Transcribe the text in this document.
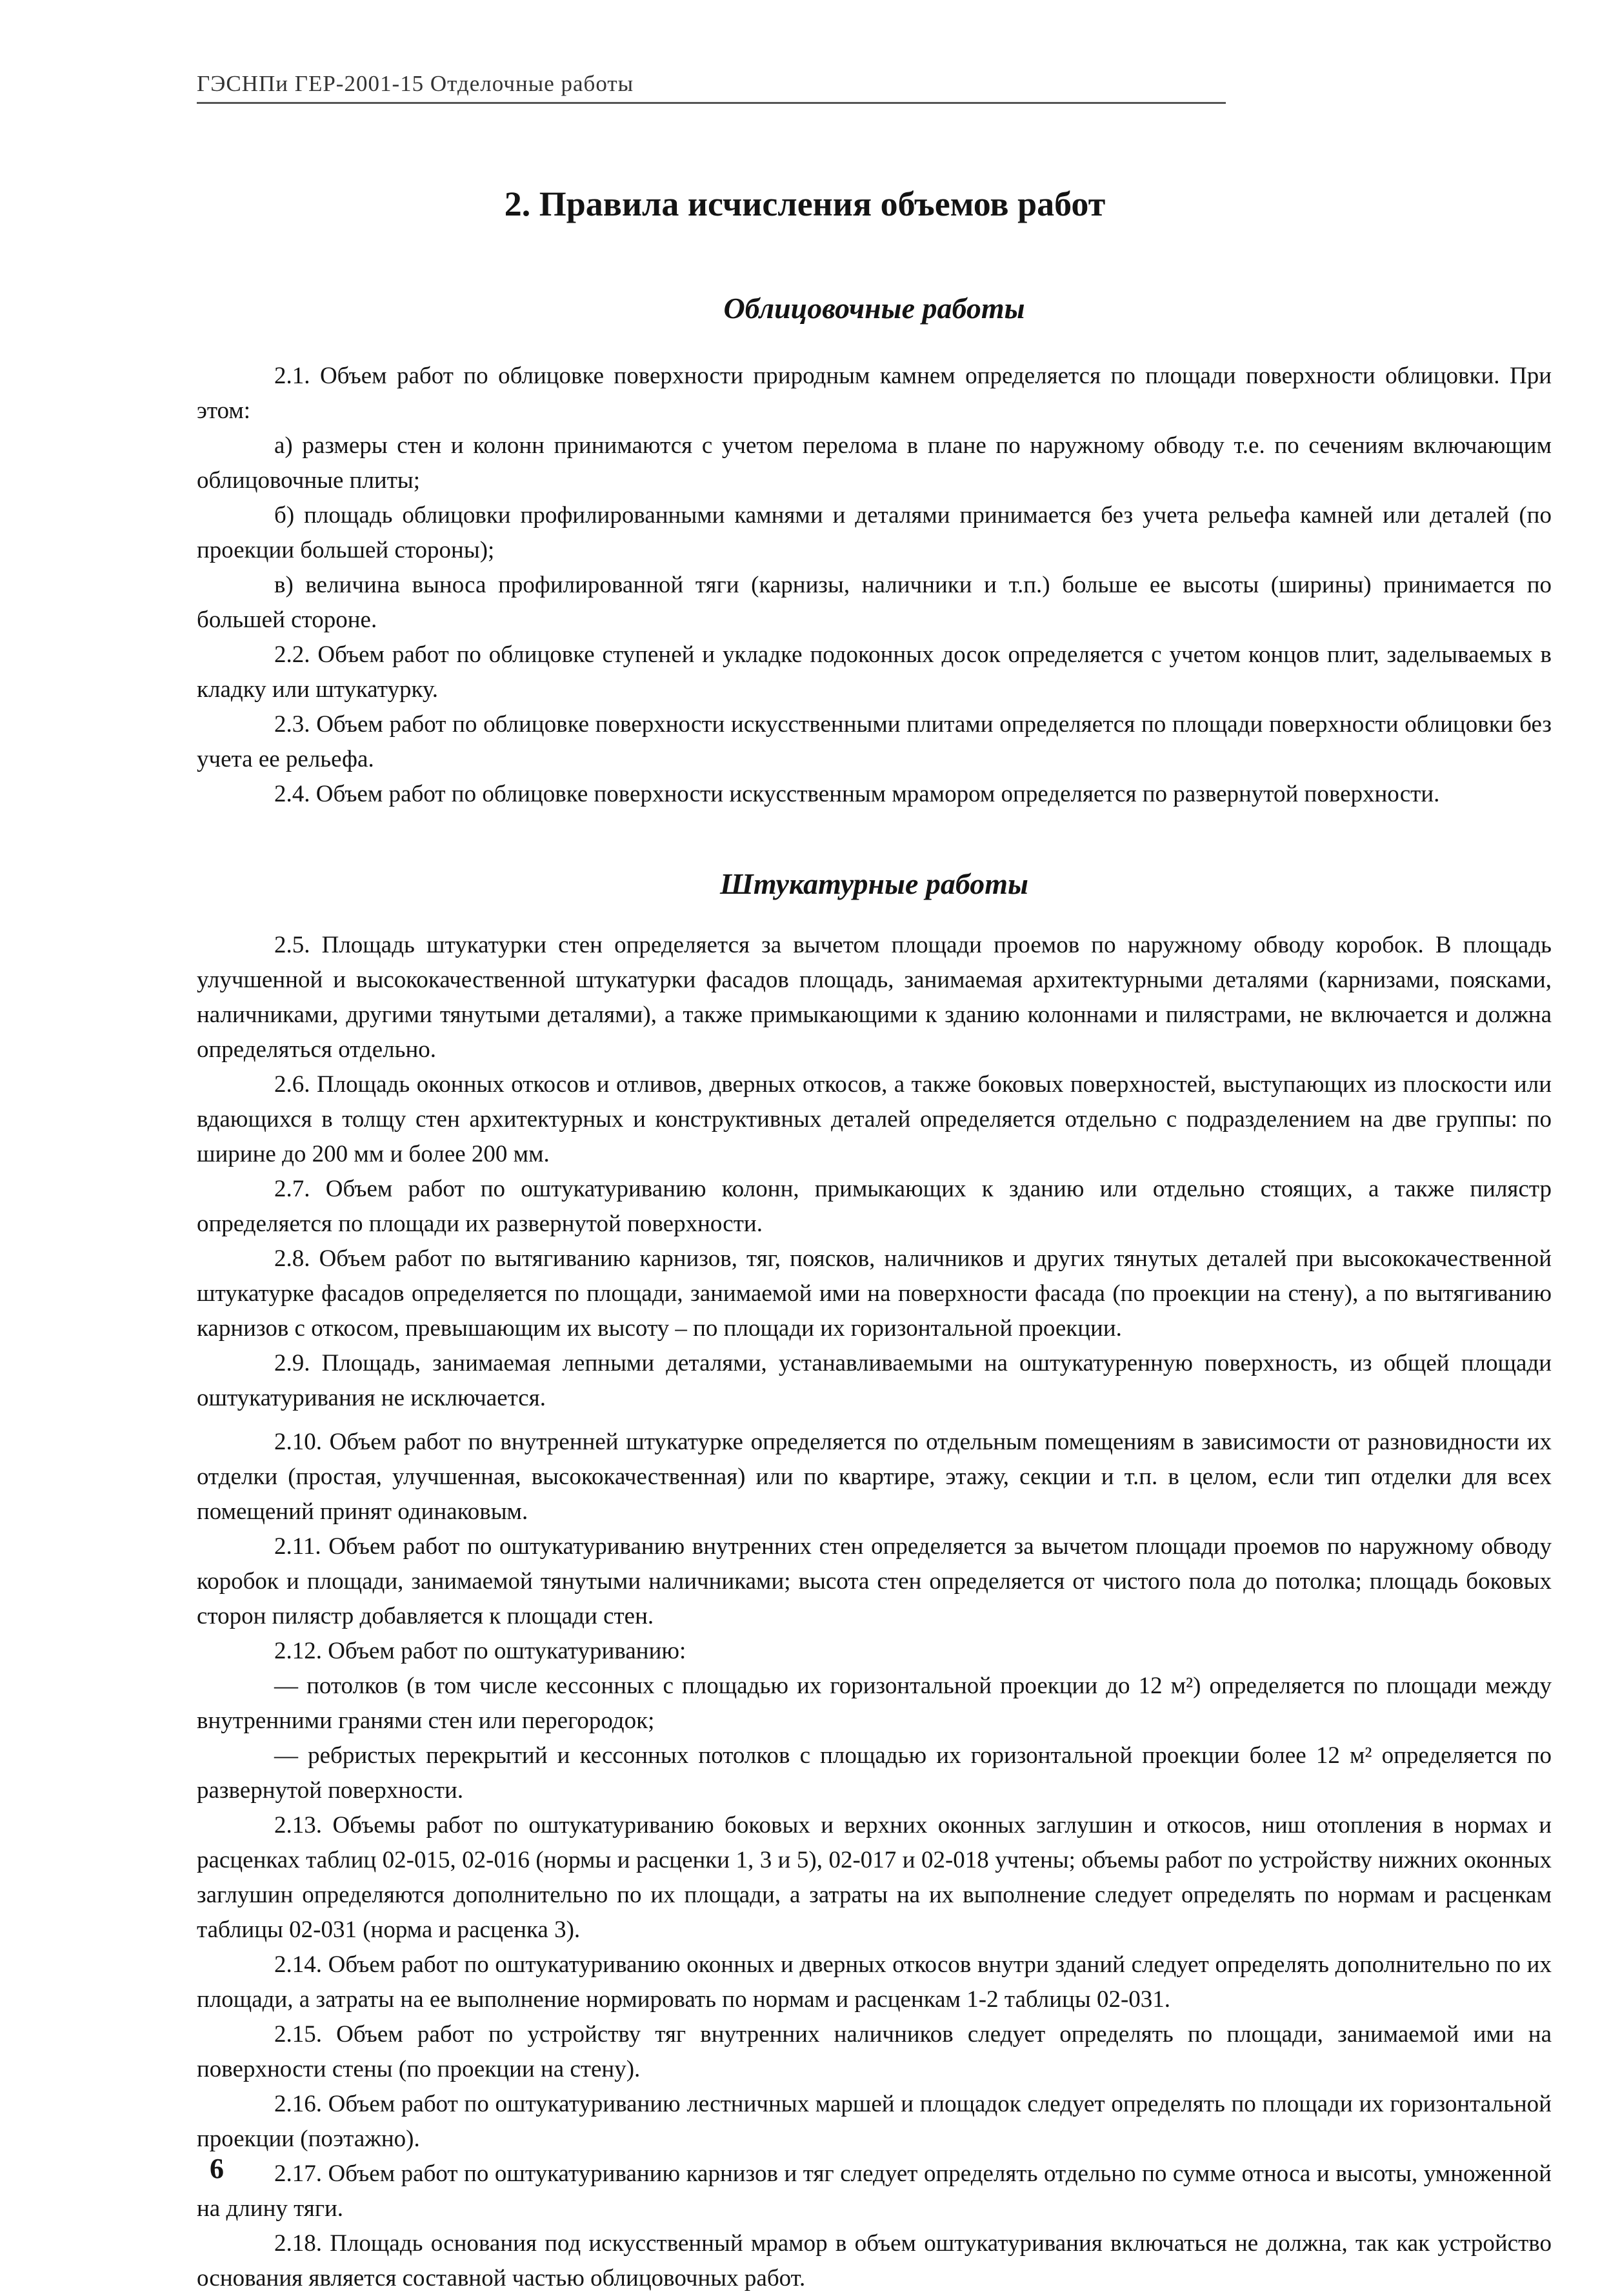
ГЭСНПи ГЕР-2001-15 Отделочные работы
2. Правила исчисления объемов работ
Облицовочные работы

2.1. Объем работ по облицовке поверхности природным камнем определяется по площади поверхности облицовки. При этом:

а) размеры стен и колонн принимаются с учетом перелома в плане по наружному обводу т.е. по сечениям включающим облицовочные плиты;

б) площадь облицовки профилированными камнями и деталями принимается без учета рельефа камней или деталей (по проекции большей стороны);

в) величина выноса профилированной тяги (карнизы, наличники и т.п.) больше ее высоты (ширины) принимается по большей стороне.

2.2. Объем работ по облицовке ступеней и укладке подоконных досок определяется с учетом концов плит, заделываемых в кладку или штукатурку.

2.3. Объем работ по облицовке поверхности искусственными плитами определяется по площади поверхности облицовки без учета ее рельефа.

2.4. Объем работ по облицовке поверхности искусственным мрамором определяется по развернутой поверхности.

Штукатурные работы

2.5. Площадь штукатурки стен определяется за вычетом площади проемов по наружному обводу коробок. В площадь улучшенной и высококачественной штукатурки фасадов площадь, занимаемая архитектурными деталями (карнизами, поясками, наличниками, другими тянутыми деталями), а также примыкающими к зданию колоннами и пилястрами, не включается и должна определяться отдельно.

2.6. Площадь оконных откосов и отливов, дверных откосов, а также боковых поверхностей, выступающих из плоскости или вдающихся в толщу стен архитектурных и конструктивных деталей определяется отдельно с подразделением на две группы: по ширине до 200 мм и более 200 мм.

2.7. Объем работ по оштукатуриванию колонн, примыкающих к зданию или отдельно стоящих, а также пилястр определяется по площади их развернутой поверхности.

2.8. Объем работ по вытягиванию карнизов, тяг, поясков, наличников и других тянутых деталей при высококачественной штукатурке фасадов определяется по площади, занимаемой ими на поверхности фасада (по проекции на стену), а по вытягиванию карнизов с откосом, превышающим их высоту – по площади их горизонтальной проекции.

2.9. Площадь, занимаемая лепными деталями, устанавливаемыми на оштукатуренную поверхность, из общей площади оштукатуривания не исключается.

2.10. Объем работ по внутренней штукатурке определяется по отдельным помещениям в зависимости от разновидности их отделки (простая, улучшенная, высококачественная) или по квартире, этажу, секции и т.п. в целом, если тип отделки для всех помещений принят одинаковым.

2.11. Объем работ по оштукатуриванию внутренних стен определяется за вычетом площади проемов по наружному обводу коробок и площади, занимаемой тянутыми наличниками; высота стен определяется от чистого пола до потолка; площадь боковых сторон пилястр добавляется к площади стен.

2.12. Объем работ по оштукатуриванию:

— потолков (в том числе кессонных с площадью их горизонтальной проекции до 12 м²) определяется по площади между внутренними гранями стен или перегородок;

— ребристых перекрытий и кессонных потолков с площадью их горизонтальной проекции более 12 м² определяется по развернутой поверхности.

2.13. Объемы работ по оштукатуриванию боковых и верхних оконных заглушин и откосов, ниш отопления в нормах и расценках таблиц 02-015, 02-016 (нормы и расценки 1, 3 и 5), 02-017 и 02-018 учтены; объемы работ по устройству нижних оконных заглушин определяются дополнительно по их площади, а затраты на их выполнение следует определять по нормам и расценкам таблицы 02-031 (норма и расценка 3).

2.14. Объем работ по оштукатуриванию оконных и дверных откосов внутри зданий следует определять дополнительно по их площади, а затраты на ее выполнение нормировать по нормам и расценкам 1-2 таблицы 02-031.

2.15. Объем работ по устройству тяг внутренних наличников следует определять по площади, занимаемой ими на поверхности стены (по проекции на стену).

2.16. Объем работ по оштукатуриванию лестничных маршей и площадок следует определять по площади их горизонтальной проекции (поэтажно).

2.17. Объем работ по оштукатуриванию карнизов и тяг следует определять отдельно по сумме относа и высоты, умноженной на длину тяги.

2.18. Площадь основания под искусственный мрамор в объем оштукатуривания включаться не должна, так как устройство основания является составной частью облицовочных работ.

6
